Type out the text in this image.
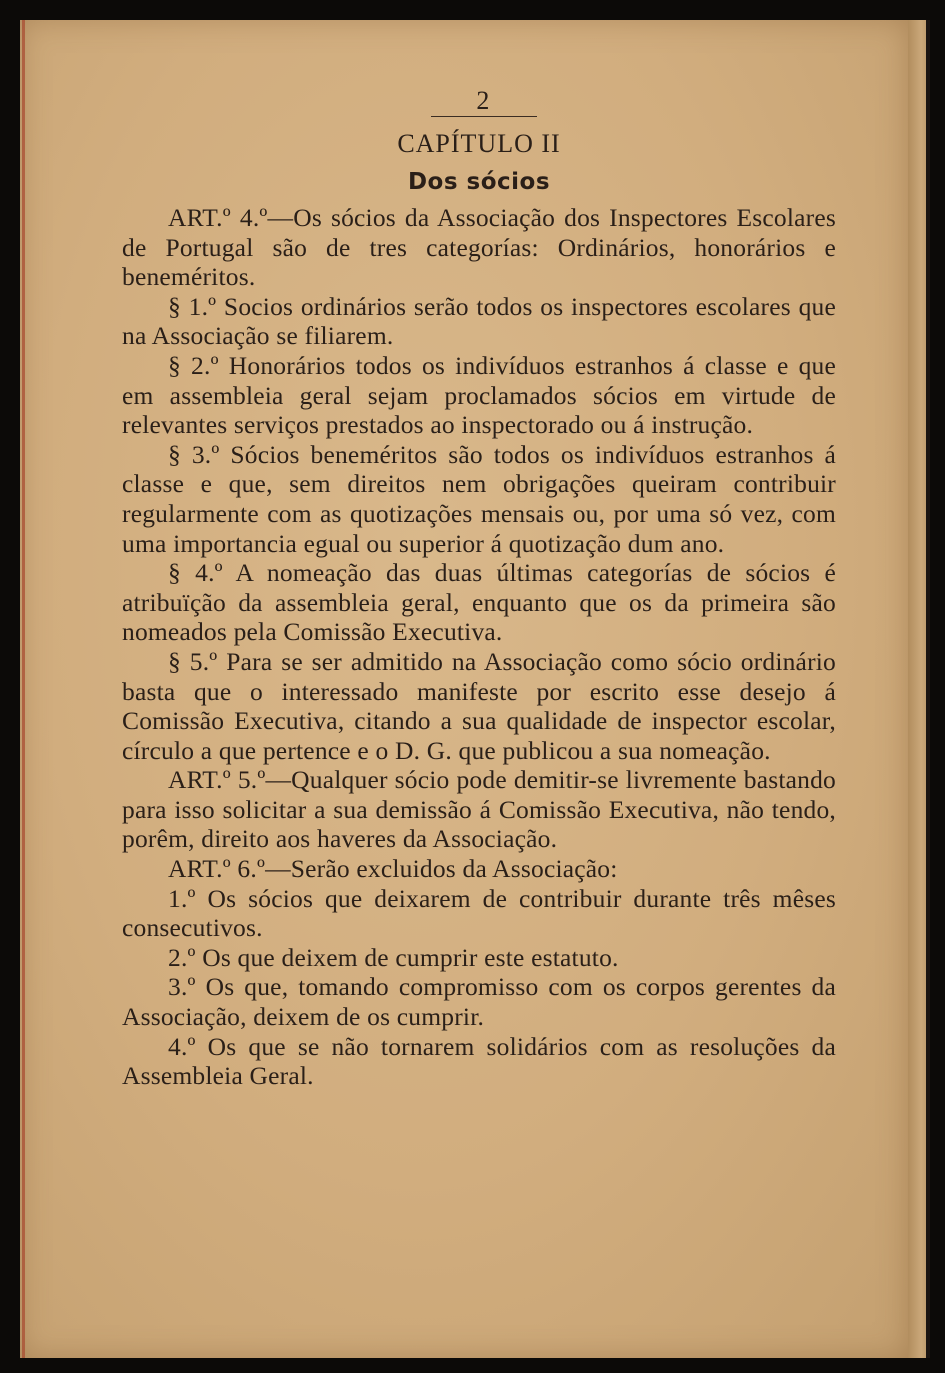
2
CAPÍTULO II
Dos sócios

ART.º 4.º—Os sócios da Associação dos Inspectores Escolares de Portugal são de tres categorías: Ordinários, honorários e beneméritos.

§ 1.º Socios ordinários serão todos os inspectores escolares que na Associação se filiarem.

§ 2.º Honorários todos os indivíduos estranhos á classe e que em assembleia geral sejam proclamados sócios em virtude de relevantes serviços prestados ao inspectorado ou á instrução.

§ 3.º Sócios beneméritos são todos os indivíduos estranhos á classe e que, sem direitos nem obrigações queiram contribuir regularmente com as quotizações mensais ou, por uma só vez, com uma importancia egual ou superior á quotização dum ano.

§ 4.º A nomeação das duas últimas categorías de sócios é atribuïção da assembleia geral, enquanto que os da primeira são nomeados pela Comissão Executiva.

§ 5.º Para se ser admitido na Associação como sócio ordinário basta que o interessado manifeste por escrito esse desejo á Comissão Executiva, citando a sua qualidade de inspector escolar, círculo a que pertence e o D. G. que publicou a sua nomeação.

ART.º 5.º—Qualquer sócio pode demitir-se livremente bastando para isso solicitar a sua demissão á Comissão Executiva, não tendo, porêm, direito aos haveres da Associação.

ART.º 6.º—Serão excluidos da Associação:

1.º Os sócios que deixarem de contribuir durante três mêses consecutivos.

2.º Os que deixem de cumprir este estatuto.

3.º Os que, tomando compromisso com os corpos gerentes da Associação, deixem de os cumprir.

4.º Os que se não tornarem solidários com as resoluções da Assembleia Geral.
